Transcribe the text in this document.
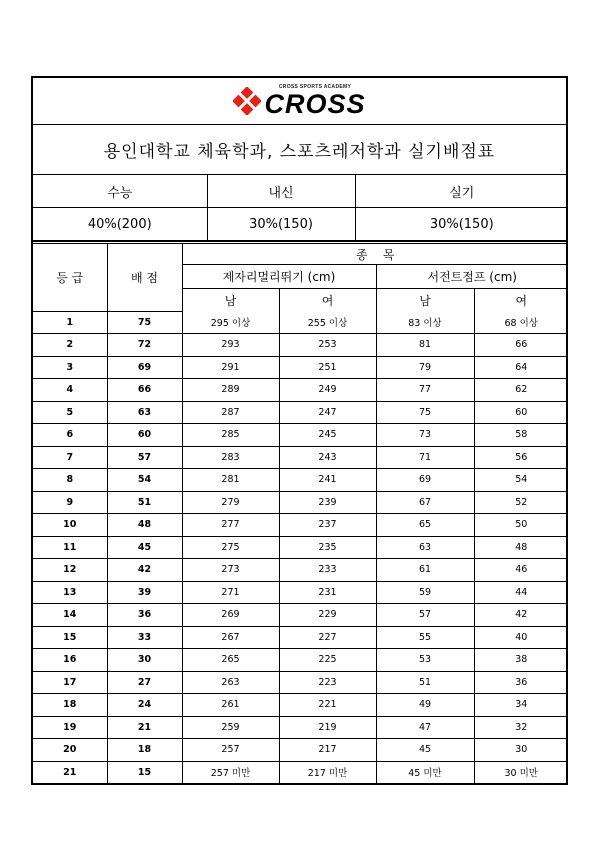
CROSS SPORTS ACADEMY
CROSS
용인대학교 체육학과, 스포츠레저학과 실기배점표
수능	내신	실기
40%(200)	30%(150)	30%(150)
등 급	배 점	종    목			
		제자리멀리뛰기 (cm)		서전트점프 (cm)	
		남	여	남	여
1	75	295 이상	255 이상	83 이상	68 이상
2	72	293	253	81	66
3	69	291	251	79	64
4	66	289	249	77	62
5	63	287	247	75	60
6	60	285	245	73	58
7	57	283	243	71	56
8	54	281	241	69	54
9	51	279	239	67	52
10	48	277	237	65	50
11	45	275	235	63	48
12	42	273	233	61	46
13	39	271	231	59	44
14	36	269	229	57	42
15	33	267	227	55	40
16	30	265	225	53	38
17	27	263	223	51	36
18	24	261	221	49	34
19	21	259	219	47	32
20	18	257	217	45	30
21	15	257 미만	217 미만	45 미만	30 미만
